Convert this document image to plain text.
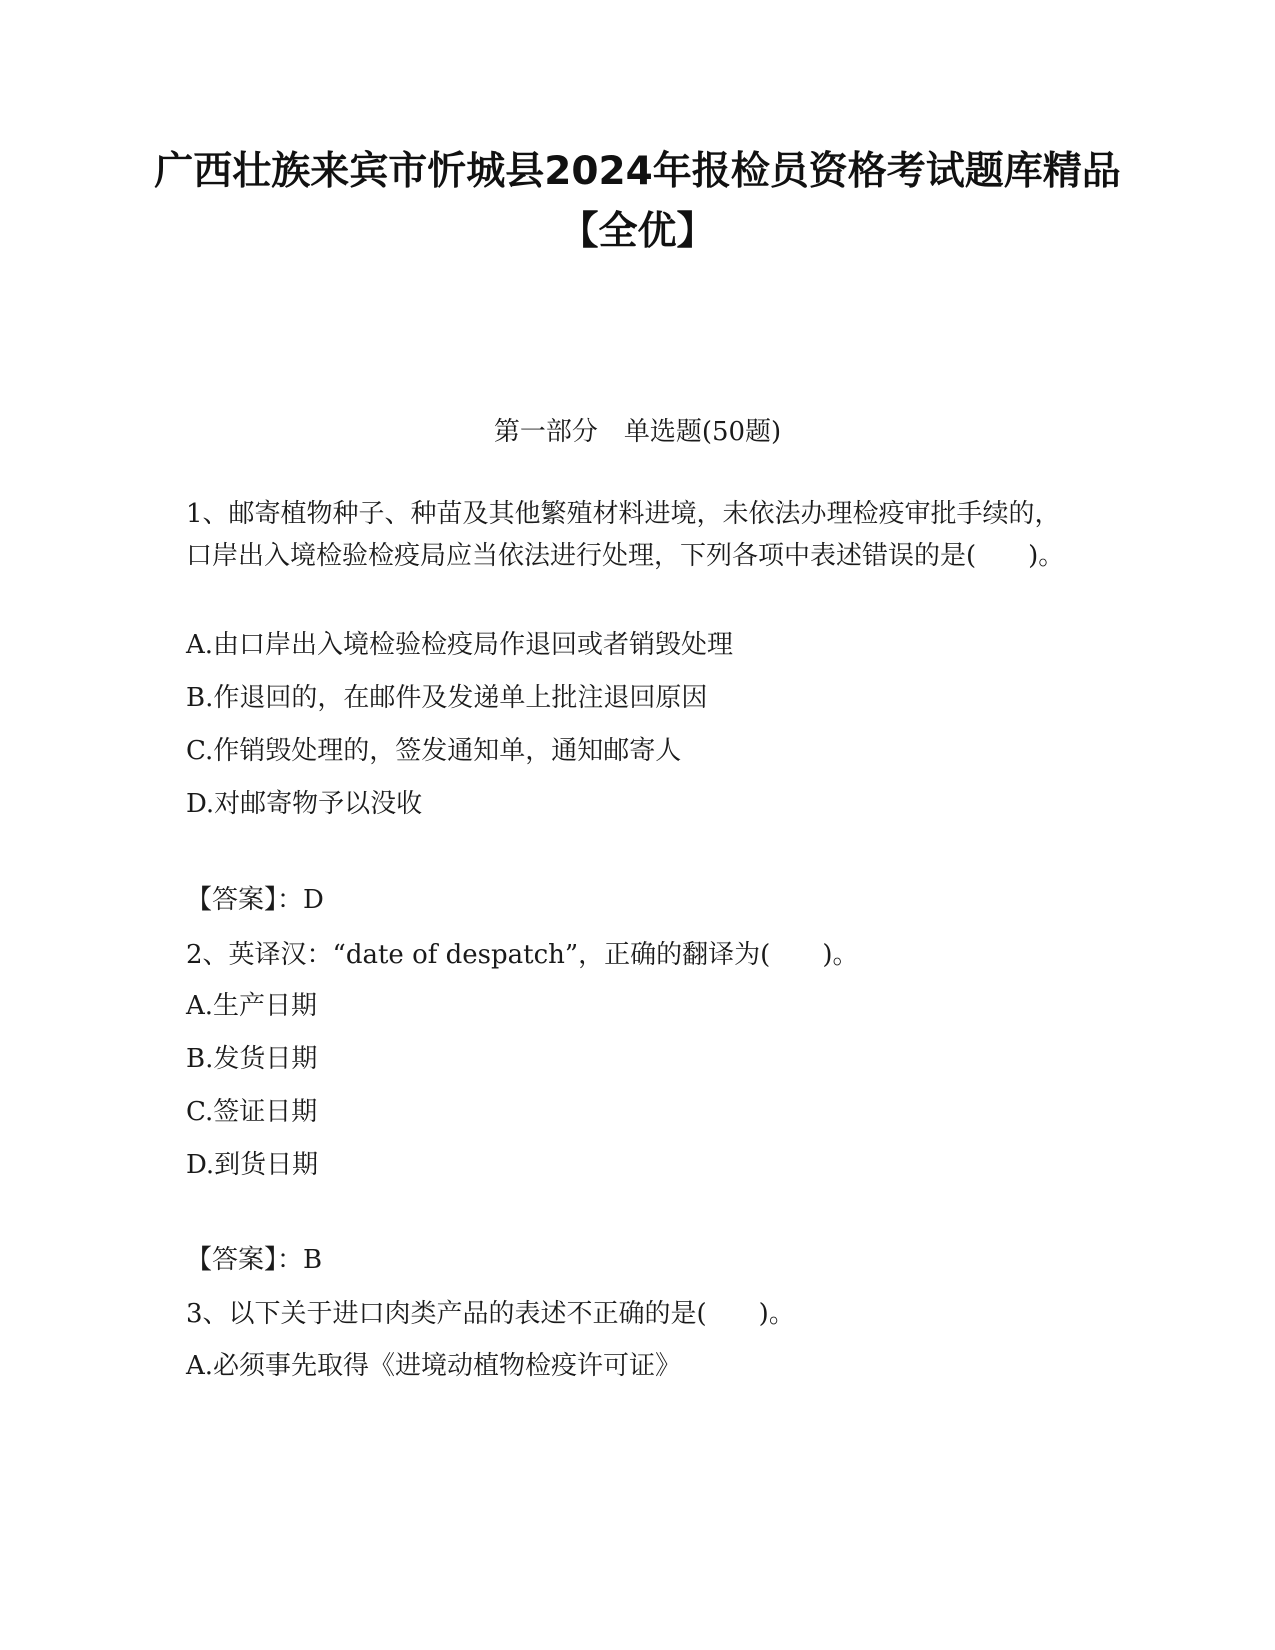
广西壮族来宾市忻城县2024年报检员资格考试题库精品【全优】
第一部分　单选题(50题)
1、邮寄植物种子、种苗及其他繁殖材料进境，未依法办理检疫审批手续的，口岸出入境检验检疫局应当依法进行处理，下列各项中表述错误的是(　　)。
A.由口岸出入境检验检疫局作退回或者销毁处理
B.作退回的，在邮件及发递单上批注退回原因
C.作销毁处理的，签发通知单，通知邮寄人
D.对邮寄物予以没收
【答案】：D
2、英译汉：“date of despatch”，正确的翻译为(　　)。
A.生产日期
B.发货日期
C.签证日期
D.到货日期
【答案】：B
3、以下关于进口肉类产品的表述不正确的是(　　)。
A.必须事先取得《进境动植物检疫许可证》
